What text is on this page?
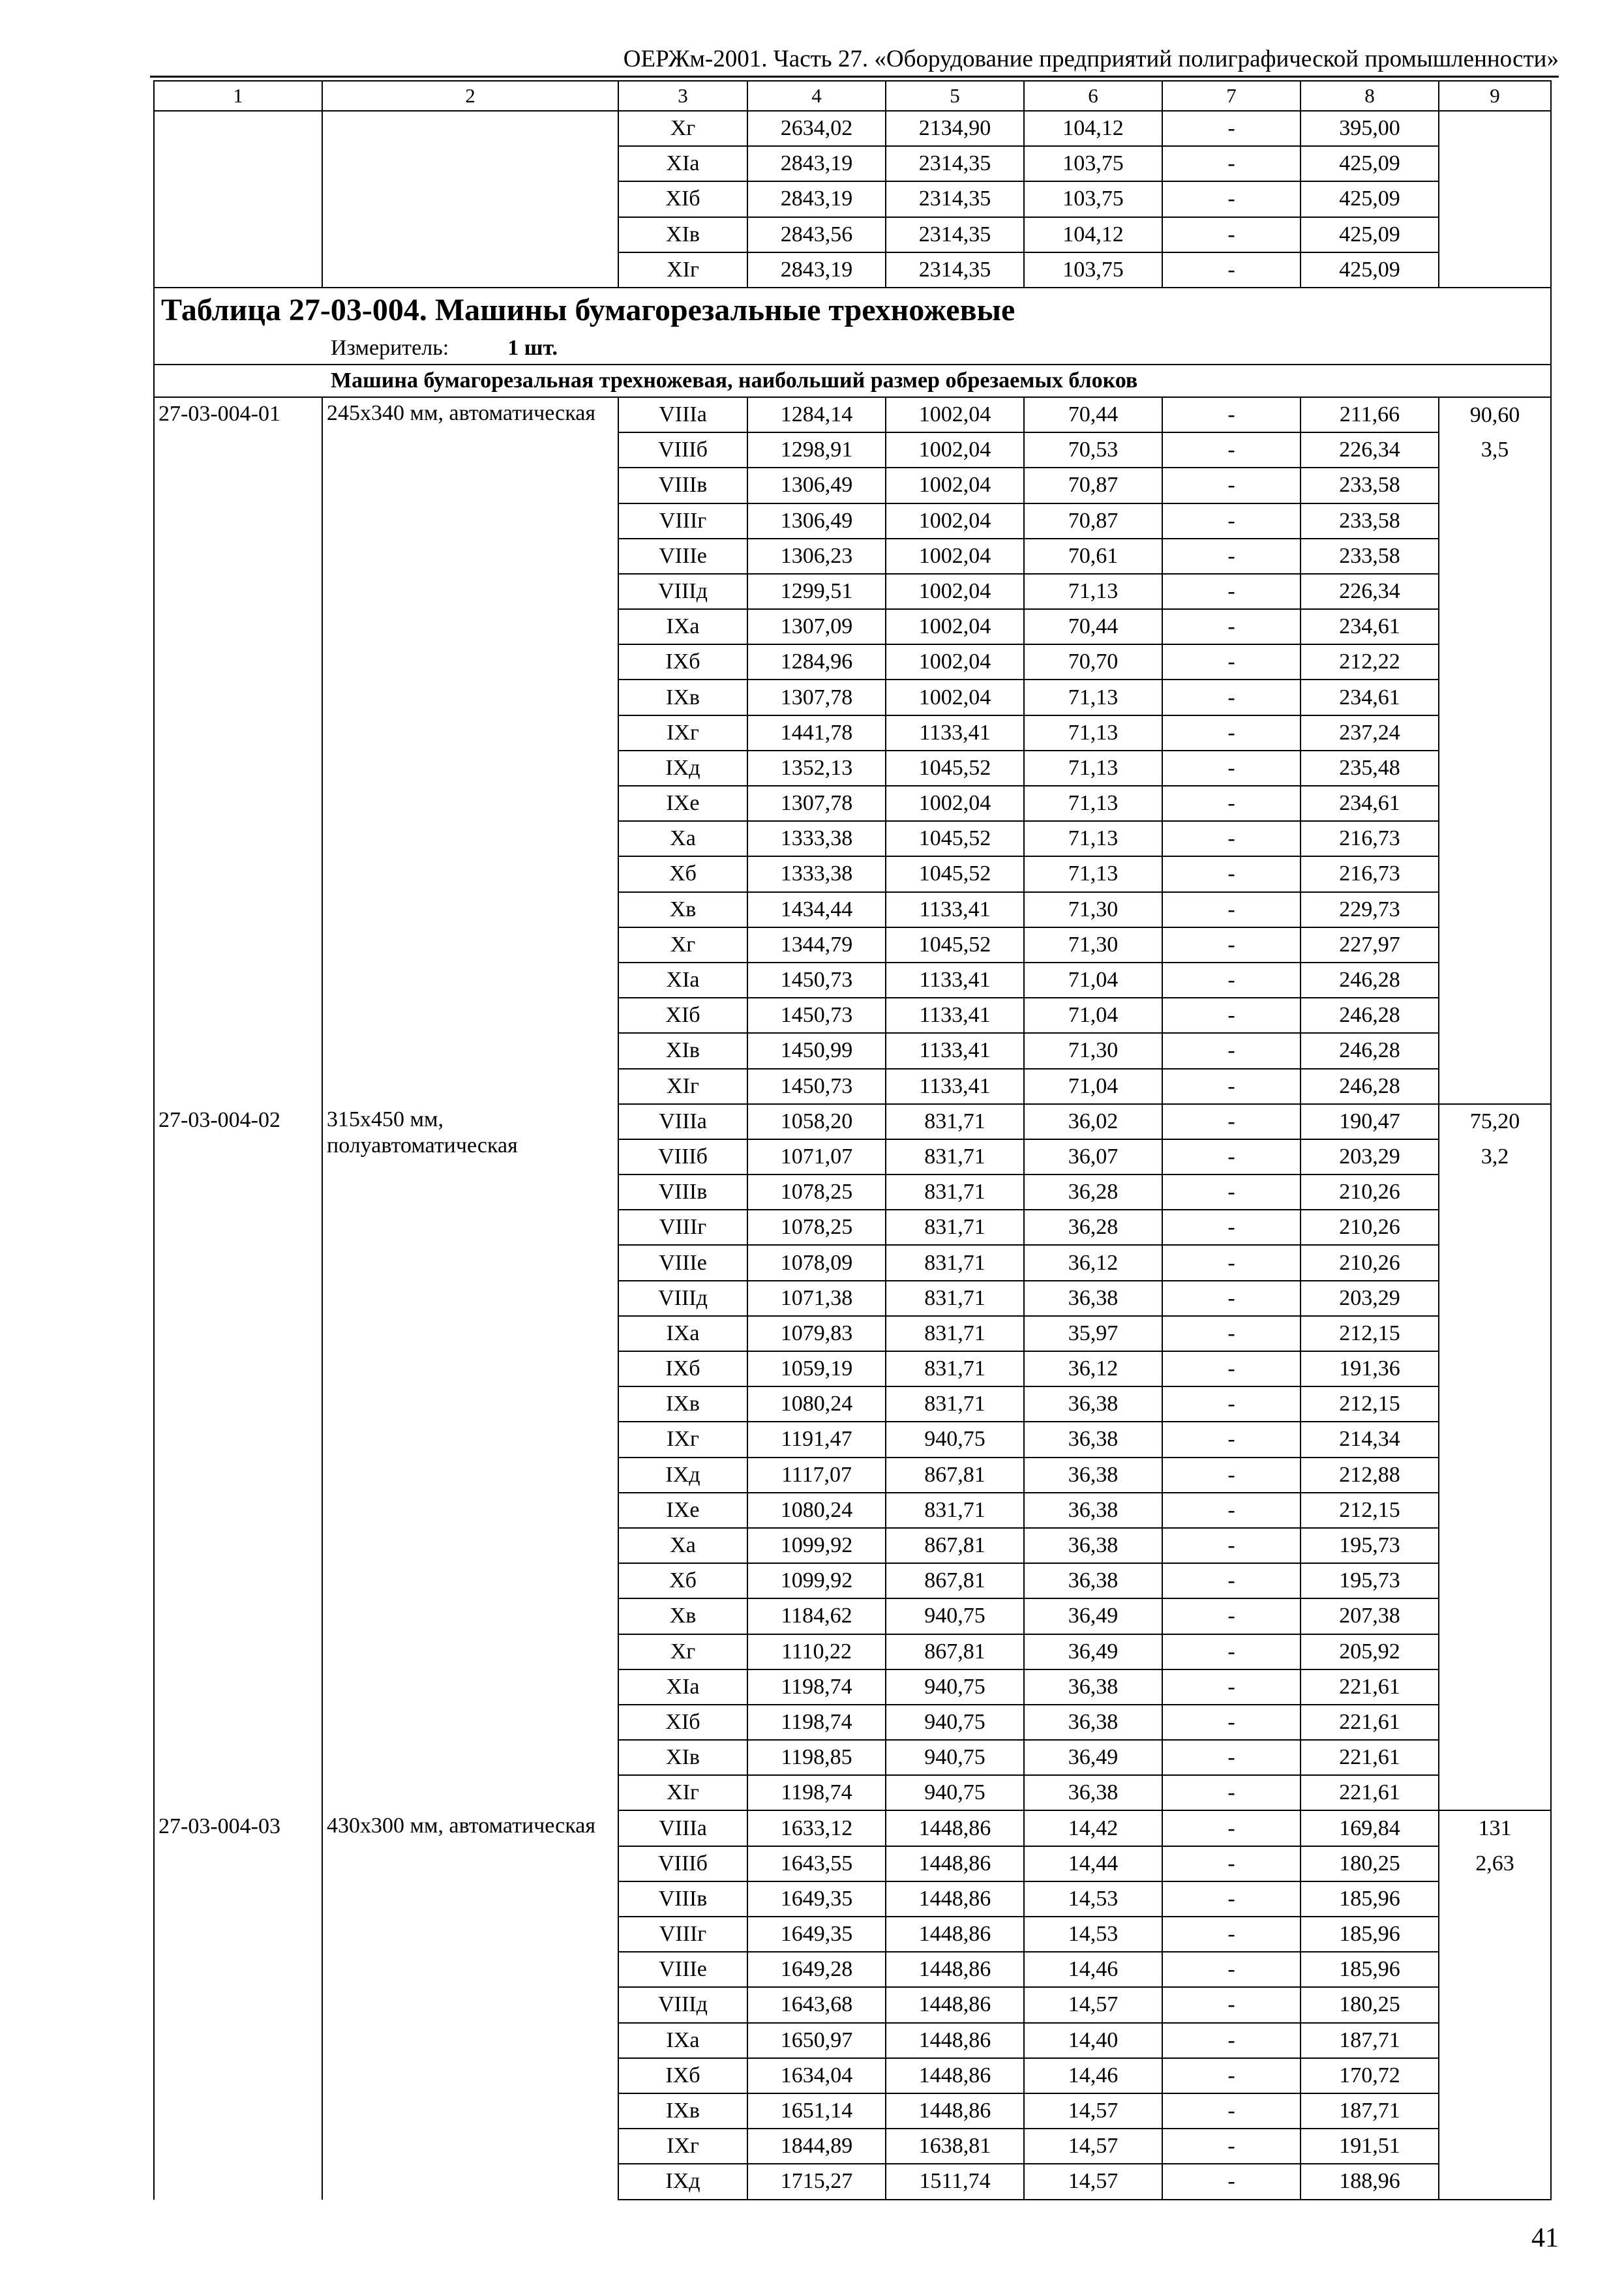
ОЕРЖм-2001. Часть 27. «Оборудование предприятий полиграфической промышленности»
1	2	3	4	5	6	7	8	9
		Xг	2634,02	2134,90	104,12	-	395,00	
		XIа	2843,19	2314,35	103,75	-	425,09	
		XIб	2843,19	2314,35	103,75	-	425,09	
		XIв	2843,56	2314,35	104,12	-	425,09	
		XIг	2843,19	2314,35	103,75	-	425,09	
Таблица 27-03-004. Машины бумагорезальные трехножевые								
Измеритель: 1 шт.								
Машина бумагорезальная трехножевая, наибольший размер обрезаемых блоков								
27-03-004-01	245х340 мм, автоматическая	VIIIа	1284,14	1002,04	70,44	-	211,66	90,60
		VIIIб	1298,91	1002,04	70,53	-	226,34	3,5
		VIIIв	1306,49	1002,04	70,87	-	233,58	
		VIIIг	1306,49	1002,04	70,87	-	233,58	
		VIIIе	1306,23	1002,04	70,61	-	233,58	
		VIIIд	1299,51	1002,04	71,13	-	226,34	
		IXа	1307,09	1002,04	70,44	-	234,61	
		IXб	1284,96	1002,04	70,70	-	212,22	
		IXв	1307,78	1002,04	71,13	-	234,61	
		IXг	1441,78	1133,41	71,13	-	237,24	
		IXд	1352,13	1045,52	71,13	-	235,48	
		IXе	1307,78	1002,04	71,13	-	234,61	
		Xа	1333,38	1045,52	71,13	-	216,73	
		Xб	1333,38	1045,52	71,13	-	216,73	
		Xв	1434,44	1133,41	71,30	-	229,73	
		Xг	1344,79	1045,52	71,30	-	227,97	
		XIа	1450,73	1133,41	71,04	-	246,28	
		XIб	1450,73	1133,41	71,04	-	246,28	
		XIв	1450,99	1133,41	71,30	-	246,28	
		XIг	1450,73	1133,41	71,04	-	246,28	
27-03-004-02	315х450 мм, полуавтоматическая	VIIIа	1058,20	831,71	36,02	-	190,47	75,20
		VIIIб	1071,07	831,71	36,07	-	203,29	3,2
		VIIIв	1078,25	831,71	36,28	-	210,26	
		VIIIг	1078,25	831,71	36,28	-	210,26	
		VIIIе	1078,09	831,71	36,12	-	210,26	
		VIIIд	1071,38	831,71	36,38	-	203,29	
		IXа	1079,83	831,71	35,97	-	212,15	
		IXб	1059,19	831,71	36,12	-	191,36	
		IXв	1080,24	831,71	36,38	-	212,15	
		IXг	1191,47	940,75	36,38	-	214,34	
		IXд	1117,07	867,81	36,38	-	212,88	
		IXе	1080,24	831,71	36,38	-	212,15	
		Xа	1099,92	867,81	36,38	-	195,73	
		Xб	1099,92	867,81	36,38	-	195,73	
		Xв	1184,62	940,75	36,49	-	207,38	
		Xг	1110,22	867,81	36,49	-	205,92	
		XIа	1198,74	940,75	36,38	-	221,61	
		XIб	1198,74	940,75	36,38	-	221,61	
		XIв	1198,85	940,75	36,49	-	221,61	
		XIг	1198,74	940,75	36,38	-	221,61	
27-03-004-03	430х300 мм, автоматическая	VIIIа	1633,12	1448,86	14,42	-	169,84	131
		VIIIб	1643,55	1448,86	14,44	-	180,25	2,63
		VIIIв	1649,35	1448,86	14,53	-	185,96	
		VIIIг	1649,35	1448,86	14,53	-	185,96	
		VIIIе	1649,28	1448,86	14,46	-	185,96	
		VIIIд	1643,68	1448,86	14,57	-	180,25	
		IXа	1650,97	1448,86	14,40	-	187,71	
		IXб	1634,04	1448,86	14,46	-	170,72	
		IXв	1651,14	1448,86	14,57	-	187,71	
		IXг	1844,89	1638,81	14,57	-	191,51	
		IXд	1715,27	1511,74	14,57	-	188,96	
41
